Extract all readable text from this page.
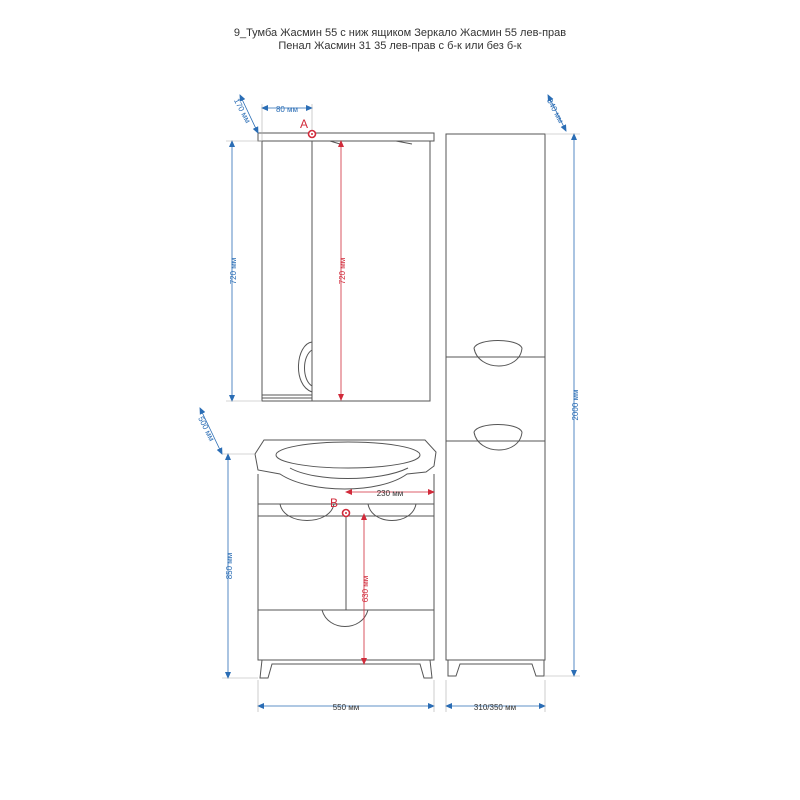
9_Тумба Жасмин 55 с ниж ящиком Зеркало Жасмин 55 лев-прав
Пенал Жасмин 31 35 лев-прав с б-к или без б-к
170 мм	80 мм
720 мм	720 мм
500 мм
850 мм
230 мм
630 мм
550 мм
340 мм
2000 мм
310/350 мм
A
B
